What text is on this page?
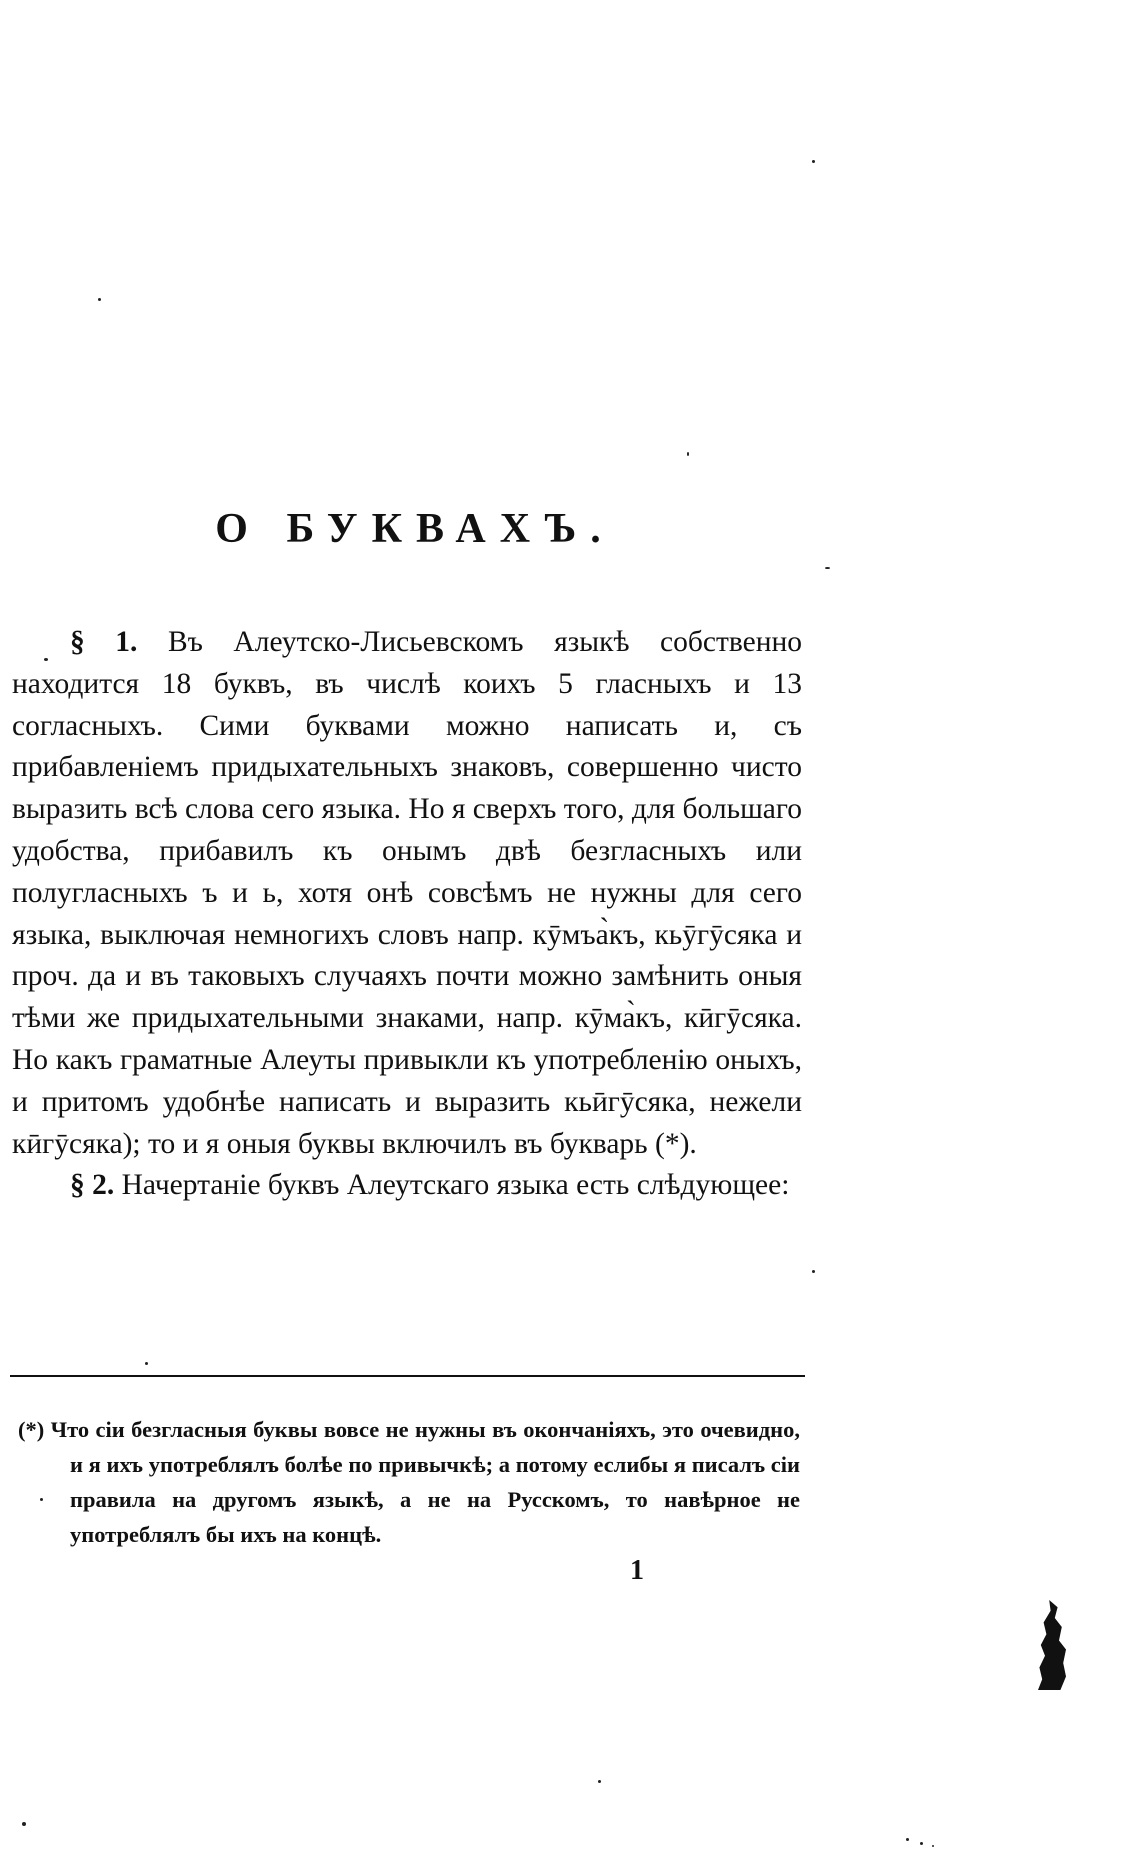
О БУКВАХЪ.

§ 1. Въ Алеутско-Лисьевскомъ языкѣ собственно находится 18 буквъ, въ числѣ коихъ 5 гласныхъ и 13 согласныхъ. Сими буквами можно написать и, съ прибавленіемъ придыхательныхъ знаковъ, совершенно чисто выразить всѣ слова сего языка. Но я сверхъ того, для большаго удобства, прибавилъ къ онымъ двѣ безгласныхъ или полугласныхъ ъ и ь, хотя онѣ совсѣмъ не нужны для сего языка, выключая немногихъ словъ напр. кӯмъа̀къ, кьӯгӯсяка и проч. да и въ таковыхъ случаяхъ почти можно замѣнить оныя тѣми же придыхательными знаками, напр. кӯма̀къ, кӣгӯсяка. Но какъ граматные Алеуты привыкли къ употребленію оныхъ, и притомъ удобнѣе написать и выразить кьӣгӯсяка, нежели кӣгӯсяка); то и я оныя буквы включилъ въ букварь (*).

§ 2. Начертаніе буквъ Алеутскаго языка есть слѣдующее:

(*) Что сіи безгласныя буквы вовсе не нужны въ окончаніяхъ, это очевидно, и я ихъ употреблялъ болѣе по привычкѣ; а потому еслибы я писалъ сіи правила на другомъ языкѣ, а не на Русскомъ, то навѣрное не употреблялъ бы ихъ на концѣ.

1
